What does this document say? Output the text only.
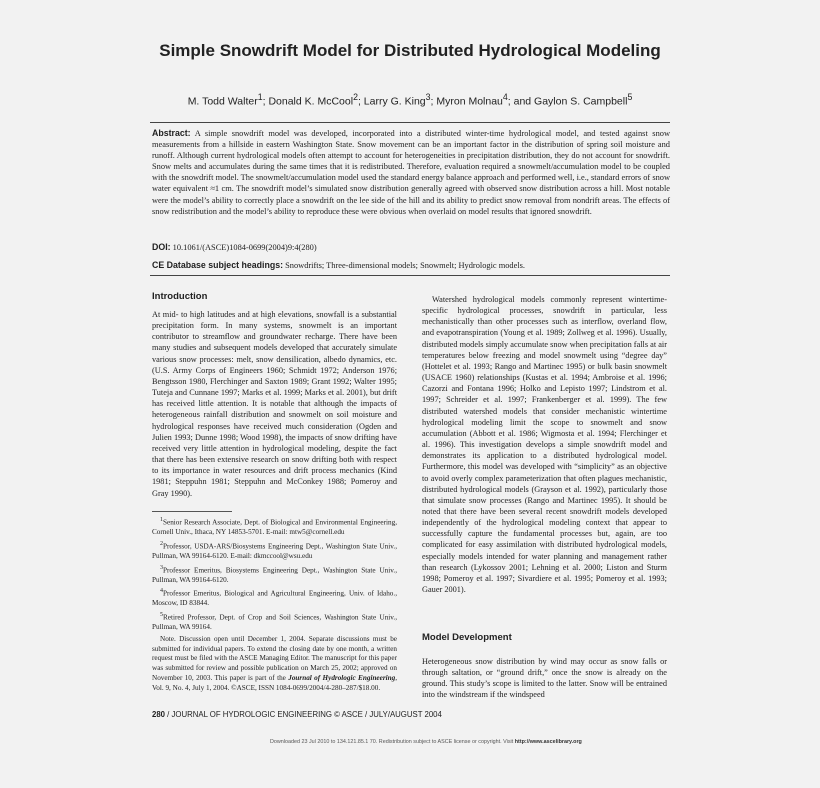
Simple Snowdrift Model for Distributed Hydrological Modeling
M. Todd Walter$^1$; Donald K. McCool$^2$; Larry G. King$^3$; Myron Molnau$^4$; and Gaylon S. Campbell$^5$
Abstract: A simple snowdrift model was developed, incorporated into a distributed winter-time hydrological model, and tested against snow measurements from a hillside in eastern Washington State. Snow movement can be an important factor in the distribution of spring soil moisture and runoff. Although current hydrological models often attempt to account for heterogeneities in precipitation distribution, they do not account for snowdrift. Snow melts and accumulates during the same times that it is redistributed. Therefore, evaluation required a snowmelt/accumulation model to be coupled with the snowdrift model. The snowmelt/accumulation model used the standard energy balance approach and performed well, i.e., standard errors of snow water equivalent ≈1 cm. The snowdrift model’s simulated snow distribution generally agreed with observed snow distribution across a hill. Most notable were the model’s ability to correctly place a snowdrift on the lee side of the hill and its ability to predict snow removal from nondrift areas. The effects of snow redistribution and the model’s ability to reproduce these were obvious when overlaid on model results that ignored snowdrift.
DOI: 10.1061/(ASCE)1084-0699(2004)9:4(280)
CE Database subject headings: Snowdrifts; Three-dimensional models; Snowmelt; Hydrologic models.
Introduction

At mid- to high latitudes and at high elevations, snowfall is a substantial precipitation form. In many systems, snowmelt is an important contributor to streamflow and groundwater recharge. There have been many studies and subsequent models developed that accurately simulate various snow processes: melt, snow densilication, albedo dynamics, etc. (U.S. Army Corps of Engineers 1960; Schmidt 1972; Anderson 1976; Bengtsson 1980, Flerchinger and Saxton 1989; Grant 1992; Walter 1995; Tuteja and Cunnane 1997; Marks et al. 1999; Marks et al. 2001), but drift has received little attention. It is notable that although the impacts of heterogeneous rainfall distribution and snowmelt on soil moisture and hydrological responses have received much consideration (Ogden and Julien 1993; Dunne 1998; Wood 1998), the impacts of snow drifting have received very little attention in hydrological modeling, despite the fact that there has been extensive research on snow drifting both with respect to its importance in water resources and drift process mechanics (Kind 1981; Steppuhn 1981; Steppuhn and McConkey 1988; Pomeroy and Gray 1990).

$^1$Senior Research Associate, Dept. of Biological and Environmental Engineering, Cornell Univ., Ithaca, NY 14853-5701. E-mail: mtw5@cornell.edu

$^2$Professor, USDA-ARS/Biosystems Engineering Dept., Washington State Univ., Pullman, WA 99164-6120. E-mail: dkmccool@wsu.edu

$^3$Professor Emeritus, Biosystems Engineering Dept., Washington State Univ., Pullman, WA 99164-6120.

$^4$Professor Emeritus, Biological and Agricultural Engineering, Univ. of Idaho., Moscow, ID 83844.

$^5$Retired Professor, Dept. of Crop and Soil Sciences, Washington State Univ., Pullman, WA 99164.

Note. Discussion open until December 1, 2004. Separate discussions must be submitted for individual papers. To extend the closing date by one month, a written request must be filed with the ASCE Managing Editor. The manuscript for this paper was submitted for review and possible publication on March 25, 2002; approved on November 10, 2003. This paper is part of the Journal of Hydrologic Engineering, Vol. 9, No. 4, July 1, 2004. ©ASCE, ISSN 1084-0699/2004/4-280–287/$18.00.

Watershed hydrological models commonly represent wintertime-specific hydrological processes, snowdrift in particular, less mechanistically than other processes such as interflow, overland flow, and evapotranspiration (Young et al. 1989; Zollweg et al. 1996). Usually, distributed models simply accumulate snow when precipitation falls at air temperatures below freezing and model snowmelt using “degree day” (Hottelet et al. 1993; Rango and Martinec 1995) or bulk basin snowmelt (USACE 1960) relationships (Kustas et al. 1994; Ambroise et al. 1996; Cazorzi and Fontana 1996; Holko and Lepisto 1997; Lindstrom et al. 1997; Schreider et al. 1997; Frankenberger et al. 1999). The few distributed watershed models that consider mechanistic wintertime hydrological modeling limit the scope to snowmelt and snow accumulation (Abbott et al. 1986; Wigmosta et al. 1994; Flerchinger et al. 1996). This investigation develops a simple snowdrift model and demonstrates its application to a distributed hydrological model. Furthermore, this model was developed with “simplicity” as an objective to avoid overly complex parameterization that often plagues mechanistic, distributed hydrological models (Grayson et al. 1992), particularly those that simulate snow processes (Rango and Martinec 1995). It should be noted that there have been several recent snowdrift models developed independently of the hydrological modeling context that appear to successfully capture the fundamental processes but, again, are too complicated for easy assimilation with distributed hydrological models, especially models intended for water planning and management rather than research (Lykossov 2001; Lehning et al. 2000; Liston and Sturm 1998; Pomeroy et al. 1997; Sivardiere et al. 1995; Pomeroy et al. 1993; Gauer 2001).

Model Development

Heterogeneous snow distribution by wind may occur as snow falls or through saltation, or “ground drift,” once the snow is already on the ground. This study’s scope is limited to the latter. Snow will be entrained into the windstream if the windspeed

280 / JOURNAL OF HYDROLOGIC ENGINEERING © ASCE / JULY/AUGUST 2004
Downloaded 23 Jul 2010 to 134.121.85.1 70. Redistribution subject to ASCE license or copyright. Visit http://www.ascelibrary.org
